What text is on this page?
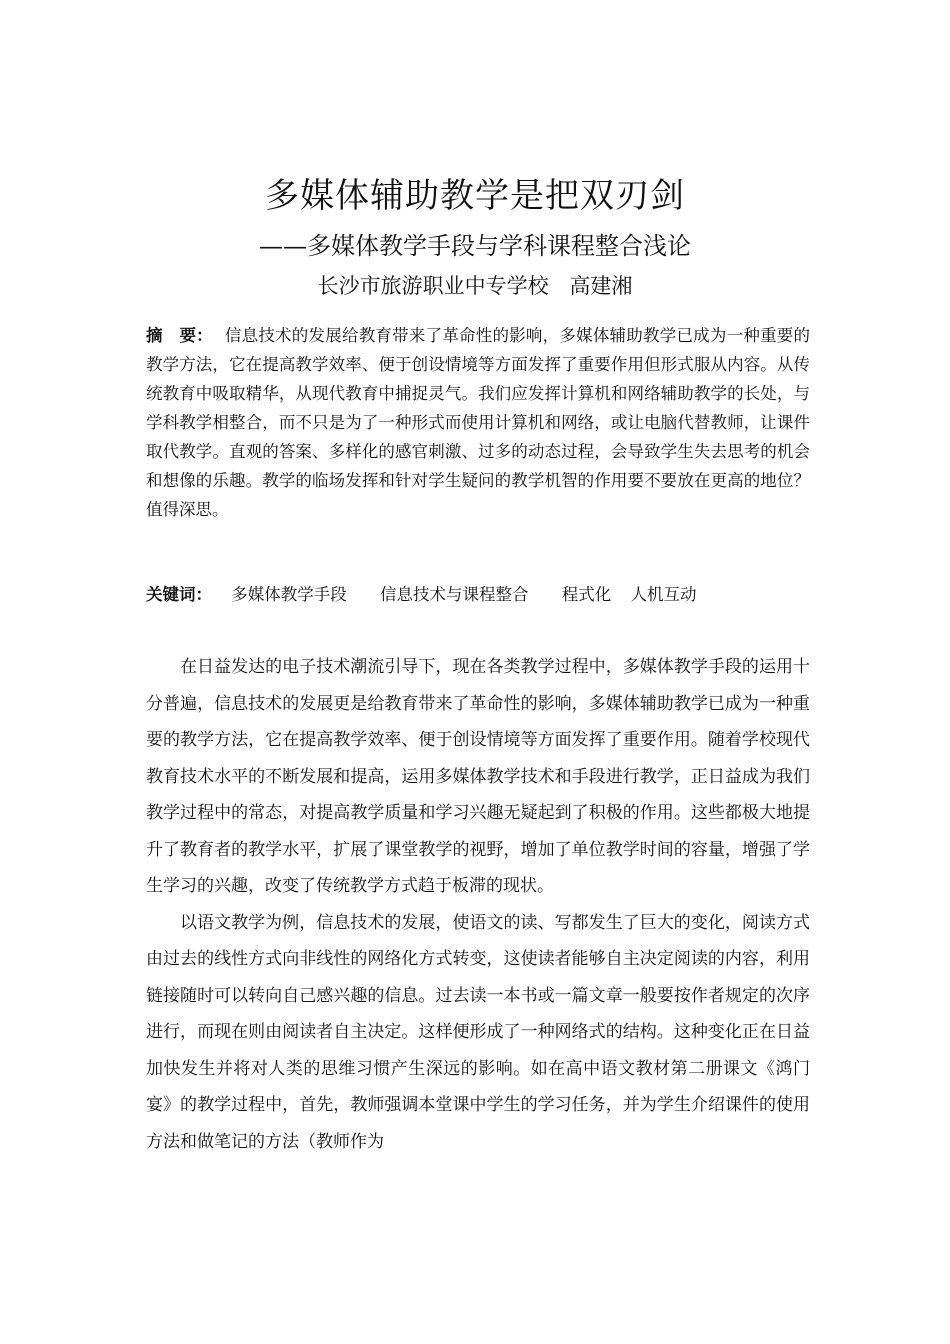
多媒体辅助教学是把双刃剑
——多媒体教学手段与学科课程整合浅论
长沙市旅游职业中专学校 高建湘
摘　要： 信息技术的发展给教育带来了革命性的影响，多媒体辅助教学已成为一种重要的教学方法，它在提高教学效率、便于创设情境等方面发挥了重要作用但形式服从内容。从传统教育中吸取精华，从现代教育中捕捉灵气。我们应发挥计算机和网络辅助教学的长处，与学科教学相整合，而不只是为了一种形式而使用计算机和网络，或让电脑代替教师，让课件取代教学。直观的答案、多样化的感官刺激、过多的动态过程，会导致学生失去思考的机会和想像的乐趣。教学的临场发挥和针对学生疑问的教学机智的作用要不要放在更高的地位？值得深思。
关键词： 多媒体教学手段 信息技术与课程整合 程式化 人机互动

在日益发达的电子技术潮流引导下，现在各类教学过程中，多媒体教学手段的运用十分普遍，信息技术的发展更是给教育带来了革命性的影响，多媒体辅助教学已成为一种重要的教学方法，它在提高教学效率、便于创设情境等方面发挥了重要作用。随着学校现代教育技术水平的不断发展和提高，运用多媒体教学技术和手段进行教学，正日益成为我们教学过程中的常态，对提高教学质量和学习兴趣无疑起到了积极的作用。这些都极大地提升了教育者的教学水平，扩展了课堂教学的视野，增加了单位教学时间的容量，增强了学生学习的兴趣，改变了传统教学方式趋于板滞的现状。

以语文教学为例，信息技术的发展，使语文的读、写都发生了巨大的变化，阅读方式由过去的线性方式向非线性的网络化方式转变，这使读者能够自主决定阅读的内容，利用链接随时可以转向自己感兴趣的信息。过去读一本书或一篇文章一般要按作者规定的次序进行，而现在则由阅读者自主决定。这样便形成了一种网络式的结构。这种变化正在日益加快发生并将对人类的思维习惯产生深远的影响。如在高中语文教材第二册课文《鸿门宴》的教学过程中，首先，教师强调本堂课中学生的学习任务，并为学生介绍课件的使用方法和做笔记的方法（教师作为
